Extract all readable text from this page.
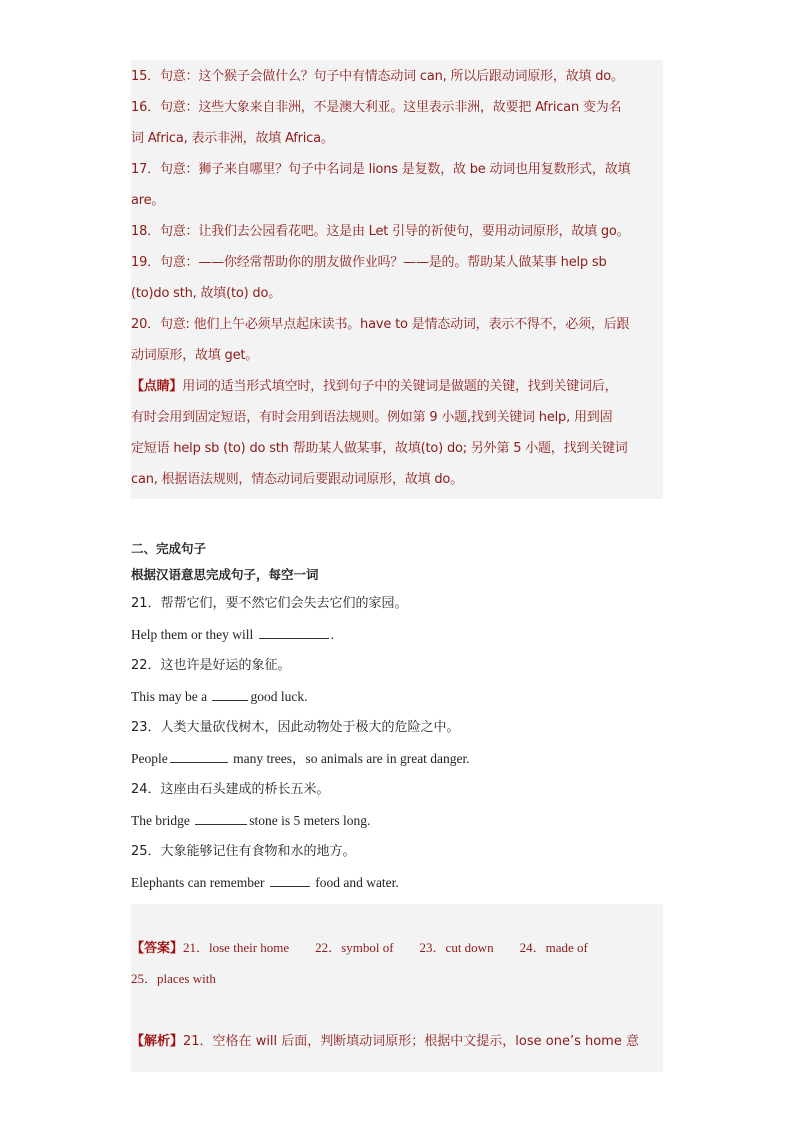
15．句意：这个猴子会做什么？句子中有情态动词 can, 所以后跟动词原形，故填 do。
16．句意：这些大象来自非洲，不是澳大利亚。这里表示非洲，故要把 African 变为名
词 Africa, 表示非洲，故填 Africa。
17．句意：狮子来自哪里？句子中名词是 lions 是复数，故 be 动词也用复数形式，故填
are。
18．句意：让我们去公园看花吧。这是由 Let 引导的祈使句，要用动词原形，故填 go。
19．句意：——你经常帮助你的朋友做作业吗？——是的。帮助某人做某事 help sb
(to)do sth, 故填(to) do。
20．句意: 他们上午必须早点起床读书。have to 是情态动词，表示不得不，必须，后跟
动词原形，故填 get。
【点睛】用词的适当形式填空时，找到句子中的关键词是做题的关键，找到关键词后，
有时会用到固定短语，有时会用到语法规则。例如第 9 小题,找到关键词 help, 用到固
定短语 help sb (to) do sth 帮助某人做某事，故填(to) do; 另外第 5 小题，找到关键词
can, 根据语法规则，情态动词后要跟动词原形，故填 do。
二、完成句子
根据汉语意思完成句子，每空一词
21．帮帮它们，要不然它们会失去它们的家园。
Help them or they will	.
22．这也许是好运的象征。
This may be a	good luck.
23．人类大量砍伐树木，因此动物处于极大的危险之中。
People	many trees，so animals are in great danger.
24．这座由石头建成的桥长五米。
The bridge	stone is 5 meters long.
25．大象能够记住有食物和水的地方。
Elephants can remember	food and water.
【答案】21．lose their home 22．symbol of 23．cut down 24．made of
25．places with
【解析】21．空格在 will 后面，判断填动词原形；根据中文提示，lose one’s home 意
